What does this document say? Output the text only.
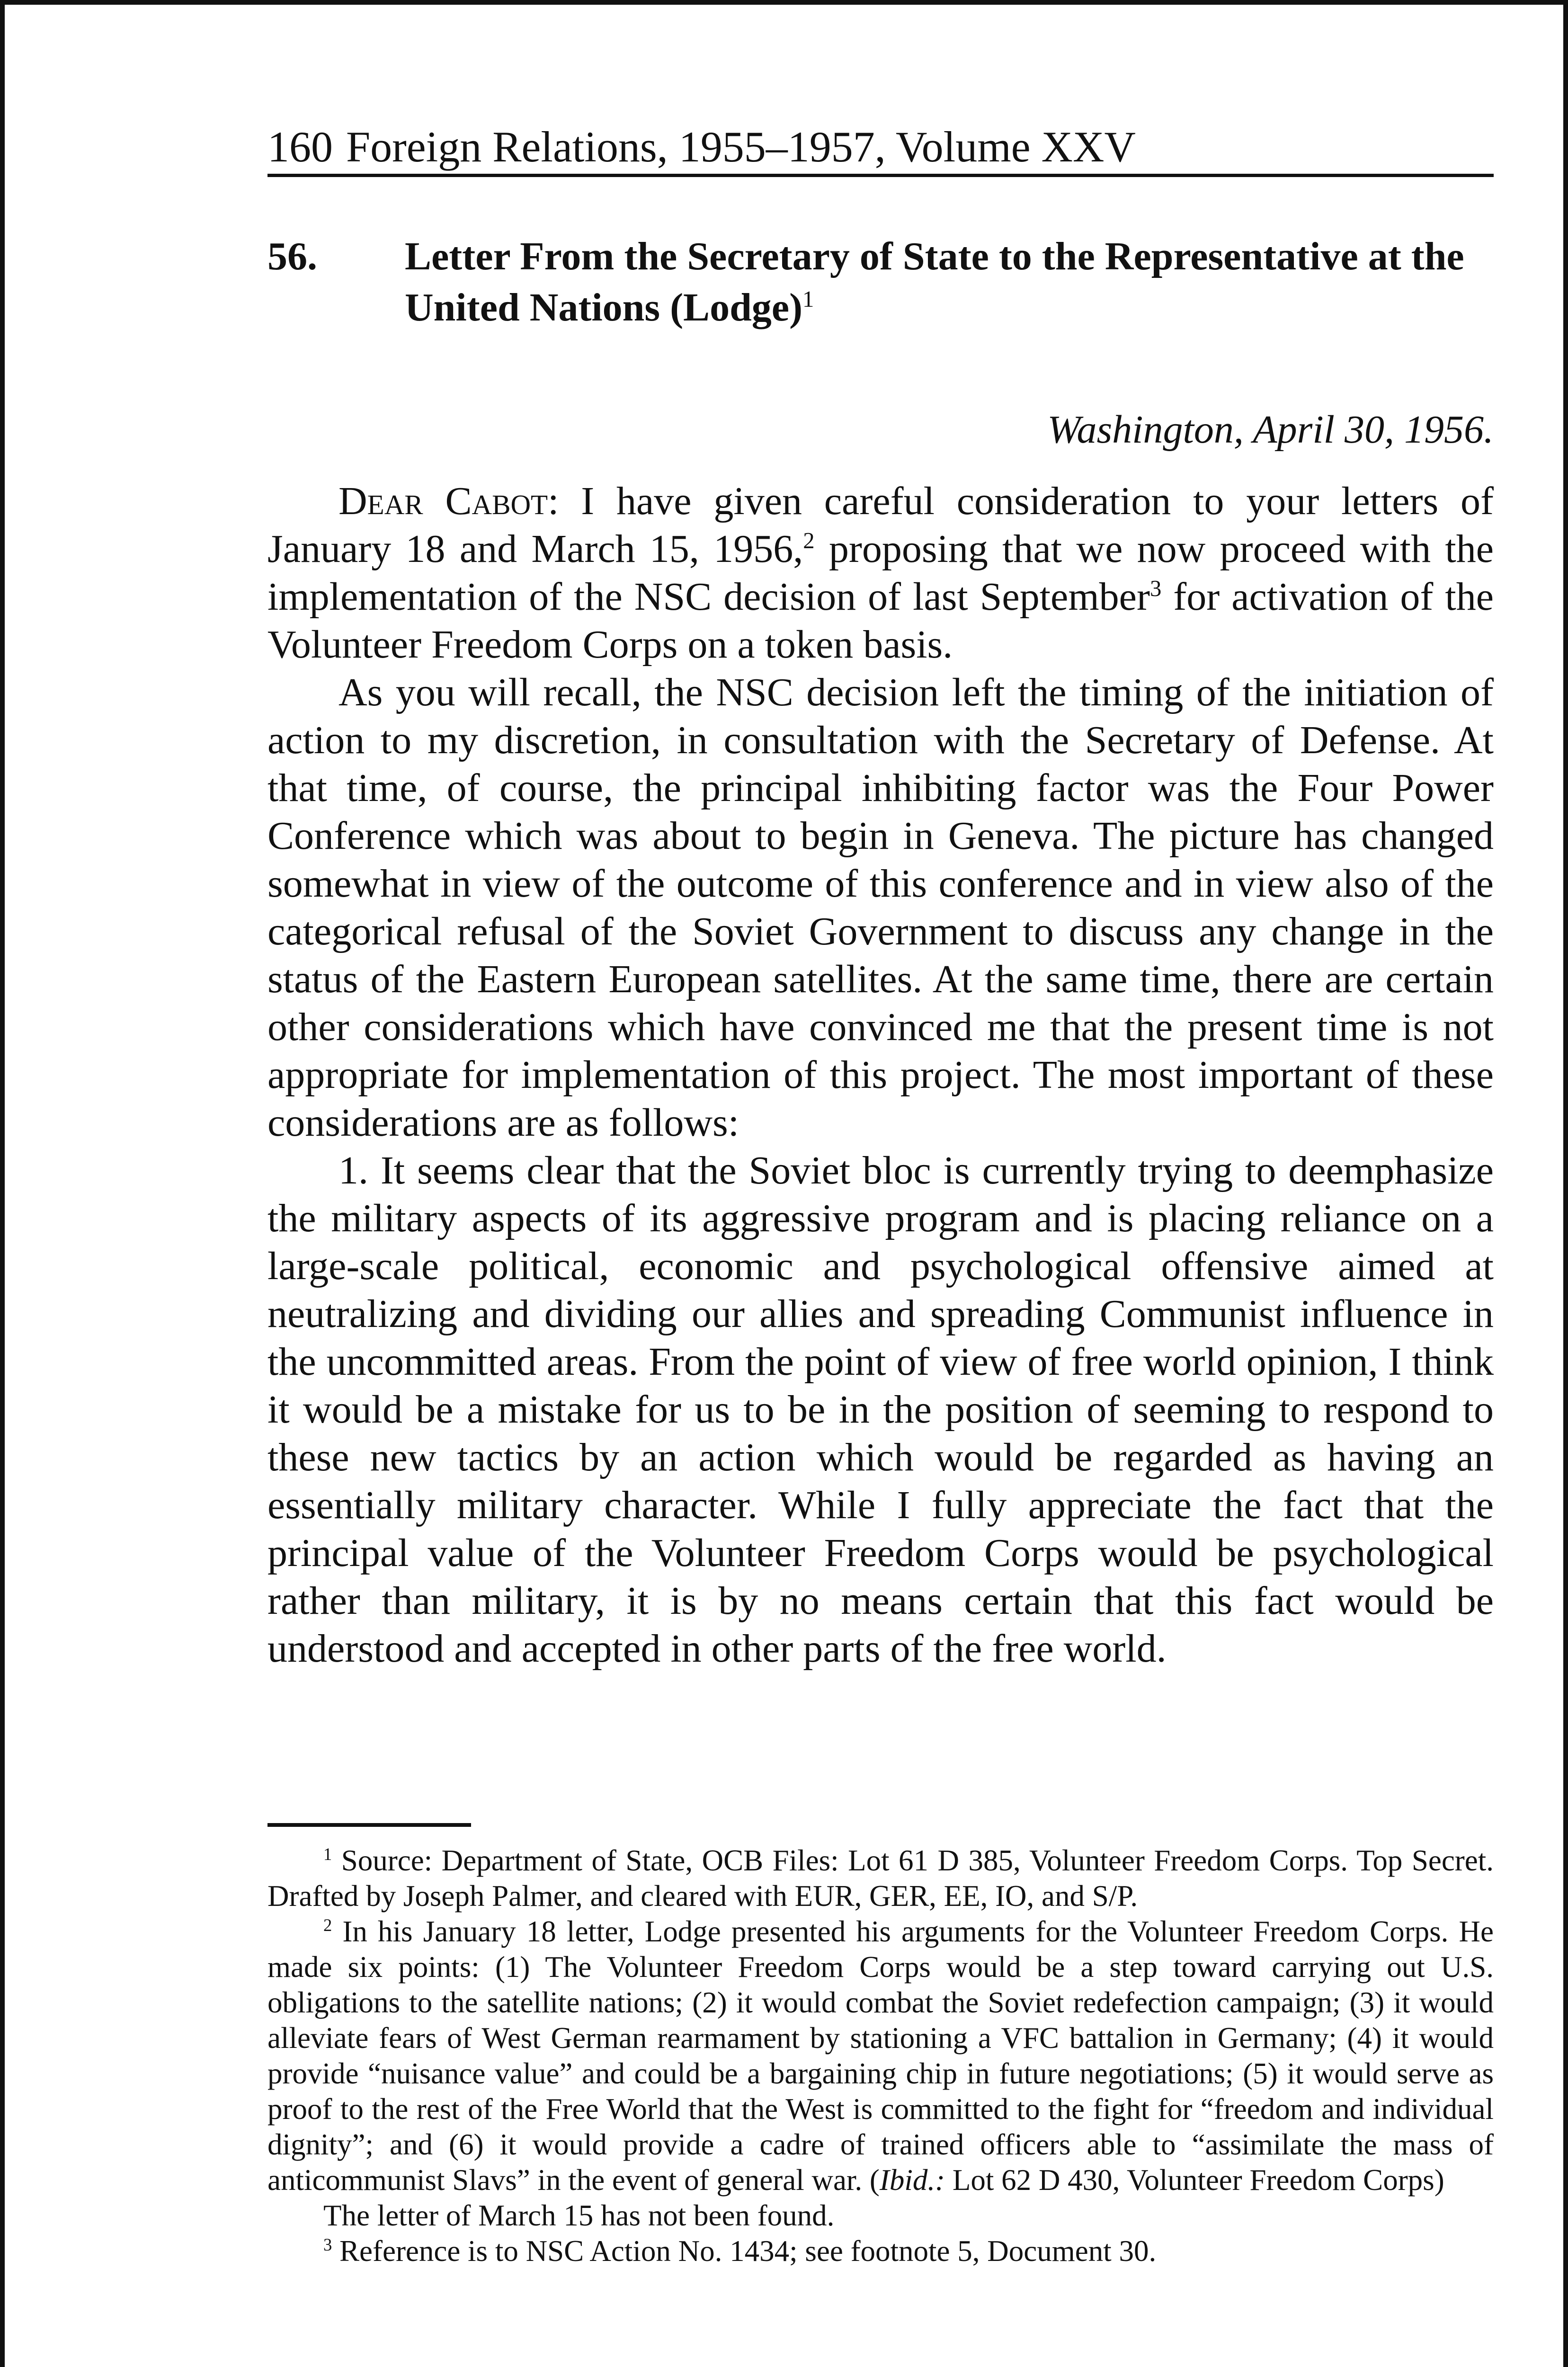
160 Foreign Relations, 1955–1957, Volume XXV
56. Letter From the Secretary of State to the Representative at the United Nations (Lodge)$^1$
Washington, April 30, 1956.

Dear Cabot: I have given careful consideration to your letters of January 18 and March 15, 1956,$^2$ proposing that we now proceed with the implementation of the NSC decision of last September$^3$ for activation of the Volunteer Freedom Corps on a token basis.

As you will recall, the NSC decision left the timing of the initiation of action to my discretion, in consultation with the Secretary of Defense. At that time, of course, the principal inhibiting factor was the Four Power Conference which was about to begin in Geneva. The picture has changed somewhat in view of the outcome of this conference and in view also of the categorical refusal of the Soviet Government to discuss any change in the status of the Eastern European satellites. At the same time, there are certain other considerations which have convinced me that the present time is not appropriate for implementation of this project. The most important of these considerations are as follows:

1. It seems clear that the Soviet bloc is currently trying to deemphasize the military aspects of its aggressive program and is placing reliance on a large-scale political, economic and psychological offensive aimed at neutralizing and dividing our allies and spreading Communist influence in the uncommitted areas. From the point of view of free world opinion, I think it would be a mistake for us to be in the position of seeming to respond to these new tactics by an action which would be regarded as having an essentially military character. While I fully appreciate the fact that the principal value of the Volunteer Freedom Corps would be psychological rather than military, it is by no means certain that this fact would be understood and accepted in other parts of the free world.

$^1$ Source: Department of State, OCB Files: Lot 61 D 385, Volunteer Freedom Corps. Top Secret. Drafted by Joseph Palmer, and cleared with EUR, GER, EE, IO, and S/P.

$^2$ In his January 18 letter, Lodge presented his arguments for the Volunteer Freedom Corps. He made six points: (1) The Volunteer Freedom Corps would be a step toward carrying out U.S. obligations to the satellite nations; (2) it would combat the Soviet redefection campaign; (3) it would alleviate fears of West German rearmament by stationing a VFC battalion in Germany; (4) it would provide “nuisance value” and could be a bargaining chip in future negotiations; (5) it would serve as proof to the rest of the Free World that the West is committed to the fight for “freedom and individual dignity”; and (6) it would provide a cadre of trained officers able to “assimilate the mass of anticommunist Slavs” in the event of general war. (Ibid.: Lot 62 D 430, Volunteer Freedom Corps)

The letter of March 15 has not been found.

$^3$ Reference is to NSC Action No. 1434; see footnote 5, Document 30.
